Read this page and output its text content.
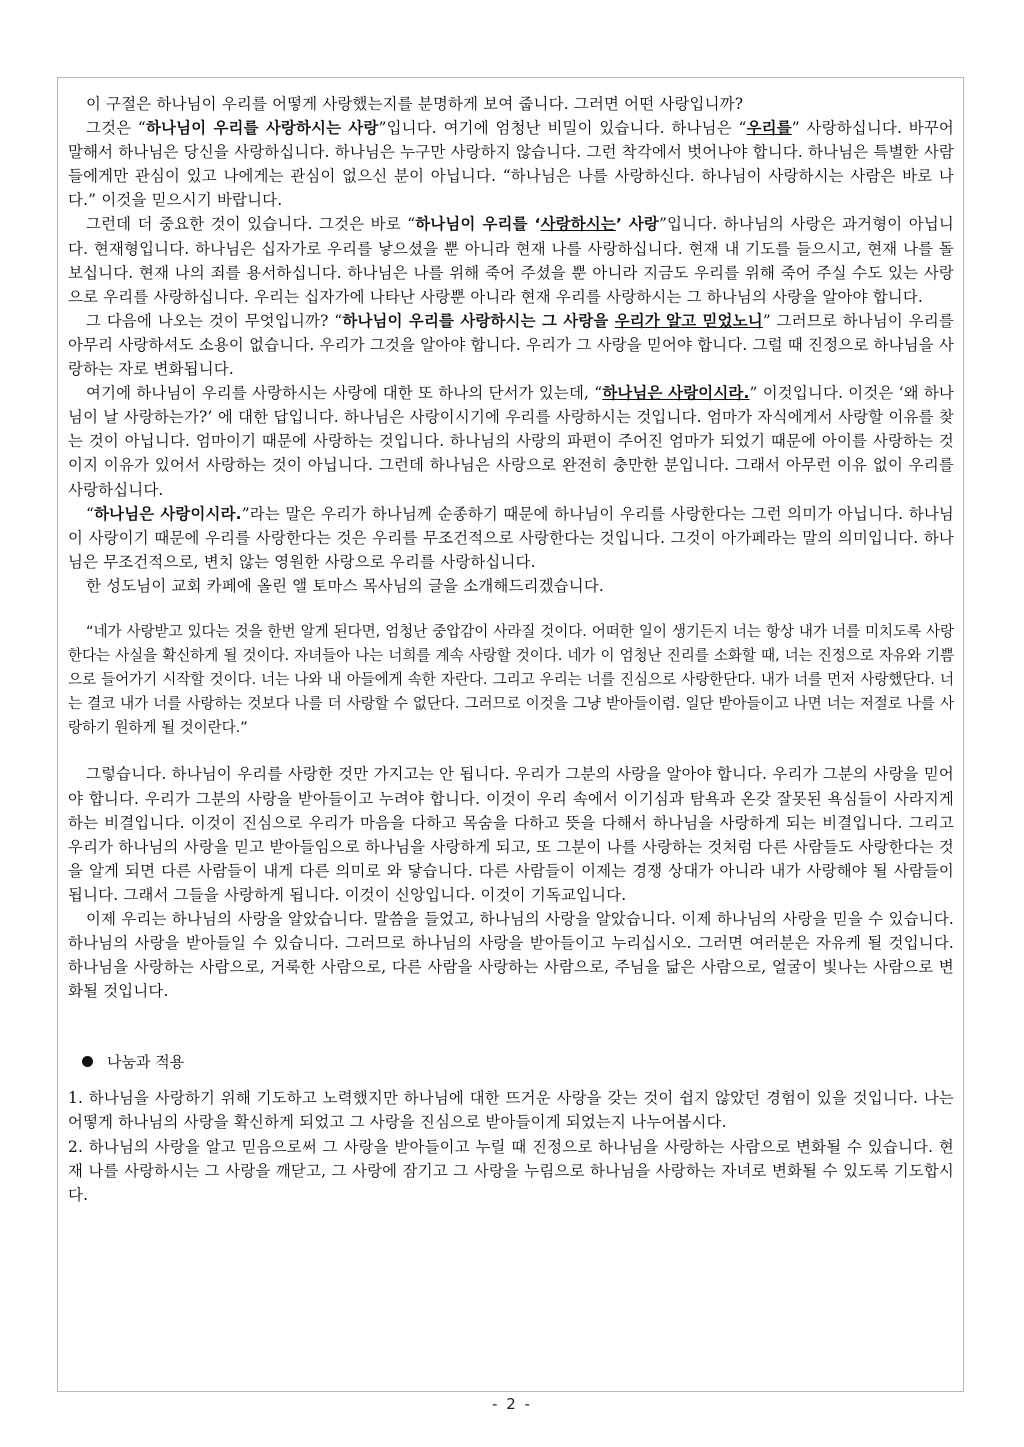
이 구절은 하나님이 우리를 어떻게 사랑했는지를 분명하게 보여 줍니다. 그러면 어떤 사랑입니까?

그것은 “하나님이 우리를 사랑하시는 사랑”입니다. 여기에 엄청난 비밀이 있습니다. 하나님은 “우리를” 사랑하십니다. 바꾸어 말해서 하나님은 당신을 사랑하십니다. 하나님은 누구만 사랑하지 않습니다. 그런 착각에서 벗어나야 합니다. 하나님은 특별한 사람들에게만 관심이 있고 나에게는 관심이 없으신 분이 아닙니다. “하나님은 나를 사랑하신다. 하나님이 사랑하시는 사람은 바로 나다.” 이것을 믿으시기 바랍니다.

그런데 더 중요한 것이 있습니다. 그것은 바로 “하나님이 우리를 ‘사랑하시는’ 사랑”입니다. 하나님의 사랑은 과거형이 아닙니다. 현재형입니다. 하나님은 십자가로 우리를 낳으셨을 뿐 아니라 현재 나를 사랑하십니다. 현재 내 기도를 들으시고, 현재 나를 돌보십니다. 현재 나의 죄를 용서하십니다. 하나님은 나를 위해 죽어 주셨을 뿐 아니라 지금도 우리를 위해 죽어 주실 수도 있는 사랑으로 우리를 사랑하십니다. 우리는 십자가에 나타난 사랑뿐 아니라 현재 우리를 사랑하시는 그 하나님의 사랑을 알아야 합니다.

그 다음에 나오는 것이 무엇입니까? “하나님이 우리를 사랑하시는 그 사랑을 우리가 알고 믿었노니” 그러므로 하나님이 우리를 아무리 사랑하셔도 소용이 없습니다. 우리가 그것을 알아야 합니다. 우리가 그 사랑을 믿어야 합니다. 그럴 때 진정으로 하나님을 사랑하는 자로 변화됩니다.

여기에 하나님이 우리를 사랑하시는 사랑에 대한 또 하나의 단서가 있는데, “하나님은 사랑이시라.” 이것입니다. 이것은 ‘왜 하나님이 날 사랑하는가?’ 에 대한 답입니다. 하나님은 사랑이시기에 우리를 사랑하시는 것입니다. 엄마가 자식에게서 사랑할 이유를 찾는 것이 아닙니다. 엄마이기 때문에 사랑하는 것입니다. 하나님의 사랑의 파편이 주어진 엄마가 되었기 때문에 아이를 사랑하는 것이지 이유가 있어서 사랑하는 것이 아닙니다. 그런데 하나님은 사랑으로 완전히 충만한 분입니다. 그래서 아무런 이유 없이 우리를 사랑하십니다.

“하나님은 사랑이시라.”라는 말은 우리가 하나님께 순종하기 때문에 하나님이 우리를 사랑한다는 그런 의미가 아닙니다. 하나님이 사랑이기 때문에 우리를 사랑한다는 것은 우리를 무조건적으로 사랑한다는 것입니다. 그것이 아가페라는 말의 의미입니다. 하나님은 무조건적으로, 변치 않는 영원한 사랑으로 우리를 사랑하십니다.

한 성도님이 교회 카페에 올린 앨 토마스 목사님의 글을 소개해드리겠습니다.

“네가 사랑받고 있다는 것을 한번 알게 된다면, 엄청난 중압감이 사라질 것이다. 어떠한 일이 생기든지 너는 항상 내가 너를 미치도록 사랑한다는 사실을 확신하게 될 것이다. 자녀들아 나는 너희를 계속 사랑할 것이다. 네가 이 엄청난 진리를 소화할 때, 너는 진정으로 자유와 기쁨으로 들어가기 시작할 것이다. 너는 나와 내 아들에게 속한 자란다. 그리고 우리는 너를 진심으로 사랑한단다. 내가 너를 먼저 사랑했단다. 너는 결코 내가 너를 사랑하는 것보다 나를 더 사랑할 수 없단다. 그러므로 이것을 그냥 받아들이렴. 일단 받아들이고 나면 너는 저절로 나를 사랑하기 원하게 될 것이란다.”

그렇습니다. 하나님이 우리를 사랑한 것만 가지고는 안 됩니다. 우리가 그분의 사랑을 알아야 합니다. 우리가 그분의 사랑을 믿어야 합니다. 우리가 그분의 사랑을 받아들이고 누려야 합니다. 이것이 우리 속에서 이기심과 탐욕과 온갖 잘못된 욕심들이 사라지게 하는 비결입니다. 이것이 진심으로 우리가 마음을 다하고 목숨을 다하고 뜻을 다해서 하나님을 사랑하게 되는 비결입니다. 그리고 우리가 하나님의 사랑을 믿고 받아들임으로 하나님을 사랑하게 되고, 또 그분이 나를 사랑하는 것처럼 다른 사람들도 사랑한다는 것을 알게 되면 다른 사람들이 내게 다른 의미로 와 닿습니다. 다른 사람들이 이제는 경쟁 상대가 아니라 내가 사랑해야 될 사람들이 됩니다. 그래서 그들을 사랑하게 됩니다. 이것이 신앙입니다. 이것이 기독교입니다.

이제 우리는 하나님의 사랑을 알았습니다. 말씀을 들었고, 하나님의 사랑을 알았습니다. 이제 하나님의 사랑을 믿을 수 있습니다. 하나님의 사랑을 받아들일 수 있습니다. 그러므로 하나님의 사랑을 받아들이고 누리십시오. 그러면 여러분은 자유케 될 것입니다. 하나님을 사랑하는 사람으로, 거룩한 사람으로, 다른 사람을 사랑하는 사람으로, 주님을 닮은 사람으로, 얼굴이 빛나는 사람으로 변화될 것입니다.

나눔과 적용

1. 하나님을 사랑하기 위해 기도하고 노력했지만 하나님에 대한 뜨거운 사랑을 갖는 것이 쉽지 않았던 경험이 있을 것입니다. 나는 어떻게 하나님의 사랑을 확신하게 되었고 그 사랑을 진심으로 받아들이게 되었는지 나누어봅시다.

2. 하나님의 사랑을 알고 믿음으로써 그 사랑을 받아들이고 누릴 때 진정으로 하나님을 사랑하는 사람으로 변화될 수 있습니다. 현재 나를 사랑하시는 그 사랑을 깨닫고, 그 사랑에 잠기고 그 사랑을 누림으로 하나님을 사랑하는 자녀로 변화될 수 있도록 기도합시다.

- 2 -
